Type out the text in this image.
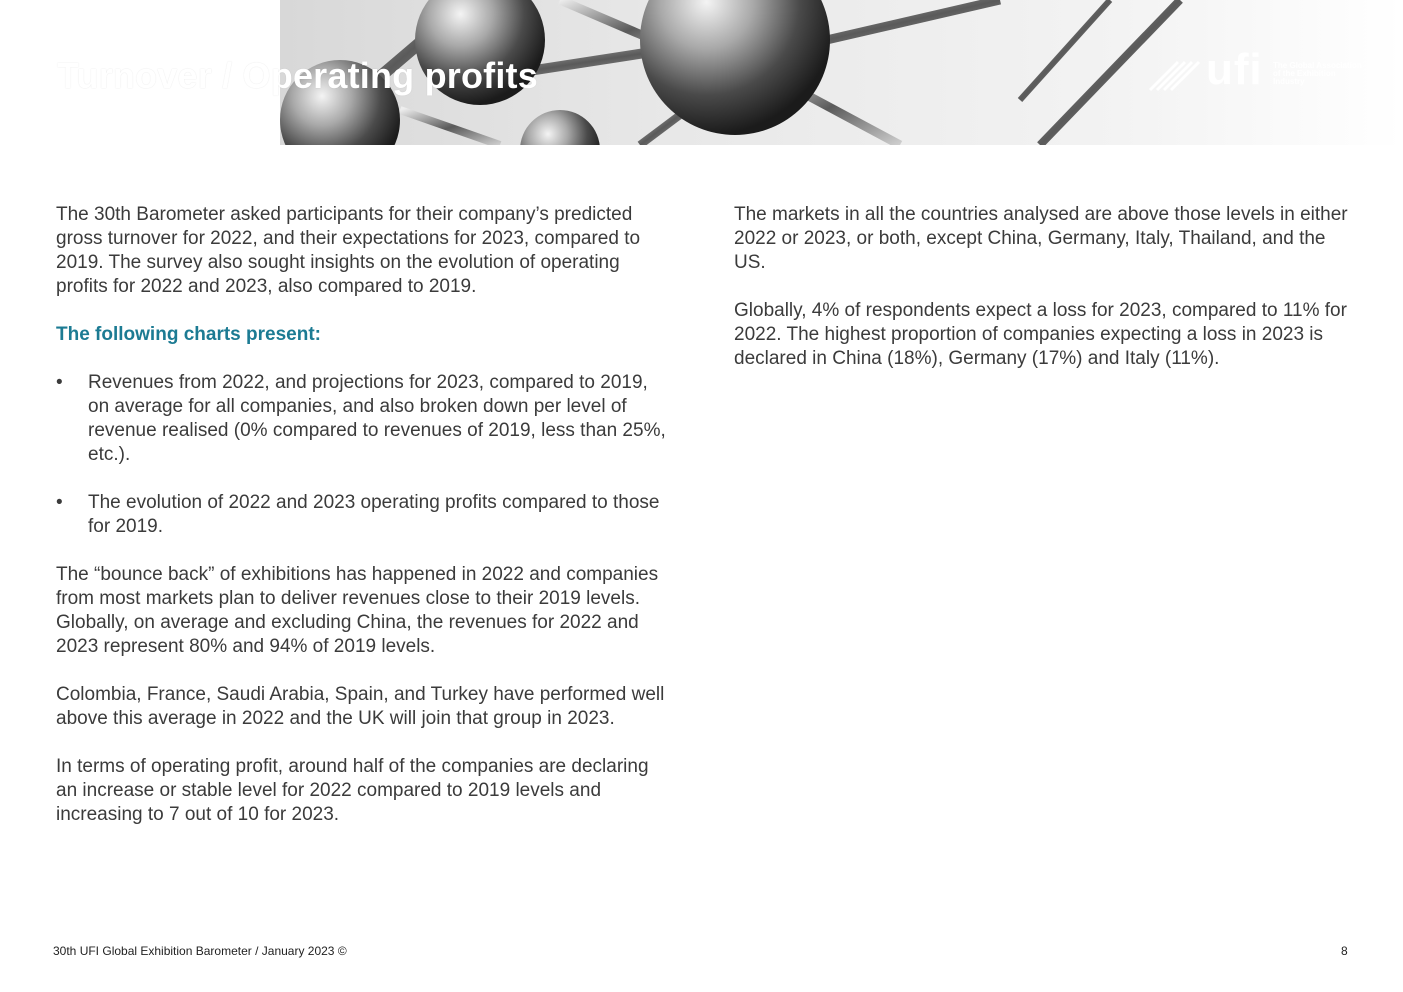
Turnover / Operating profits	ufi The Global Association of the Exhibition Industry

The 30th Barometer asked participants for their company’s predicted gross turnover for 2022, and their expectations for 2023, compared to 2019. The survey also sought insights on the evolution of operating profits for 2022 and 2023, also compared to 2019.

The following charts present:

• Revenues from 2022, and projections for 2023, compared to 2019, on average for all companies, and also broken down per level of revenue realised (0% compared to revenues of 2019, less than 25%, etc.).
• The evolution of 2022 and 2023 operating profits compared to those for 2019.

The “bounce back” of exhibitions has happened in 2022 and companies from most markets plan to deliver revenues close to their 2019 levels. Globally, on average and excluding China, the revenues for 2022 and 2023 represent 80% and 94% of 2019 levels.

Colombia, France, Saudi Arabia, Spain, and Turkey have performed well above this average in 2022 and the UK will join that group in 2023.

In terms of operating profit, around half of the companies are declaring an increase or stable level for 2022 compared to 2019 levels and increasing to 7 out of 10 for 2023.

The markets in all the countries analysed are above those levels in either 2022 or 2023, or both, except China, Germany, Italy, Thailand, and the US.

Globally, 4% of respondents expect a loss for 2023, compared to 11% for 2022. The highest proportion of companies expecting a loss in 2023 is declared in China (18%), Germany (17%) and Italy (11%).

30th UFI Global Exhibition Barometer / January 2023 ©	8
